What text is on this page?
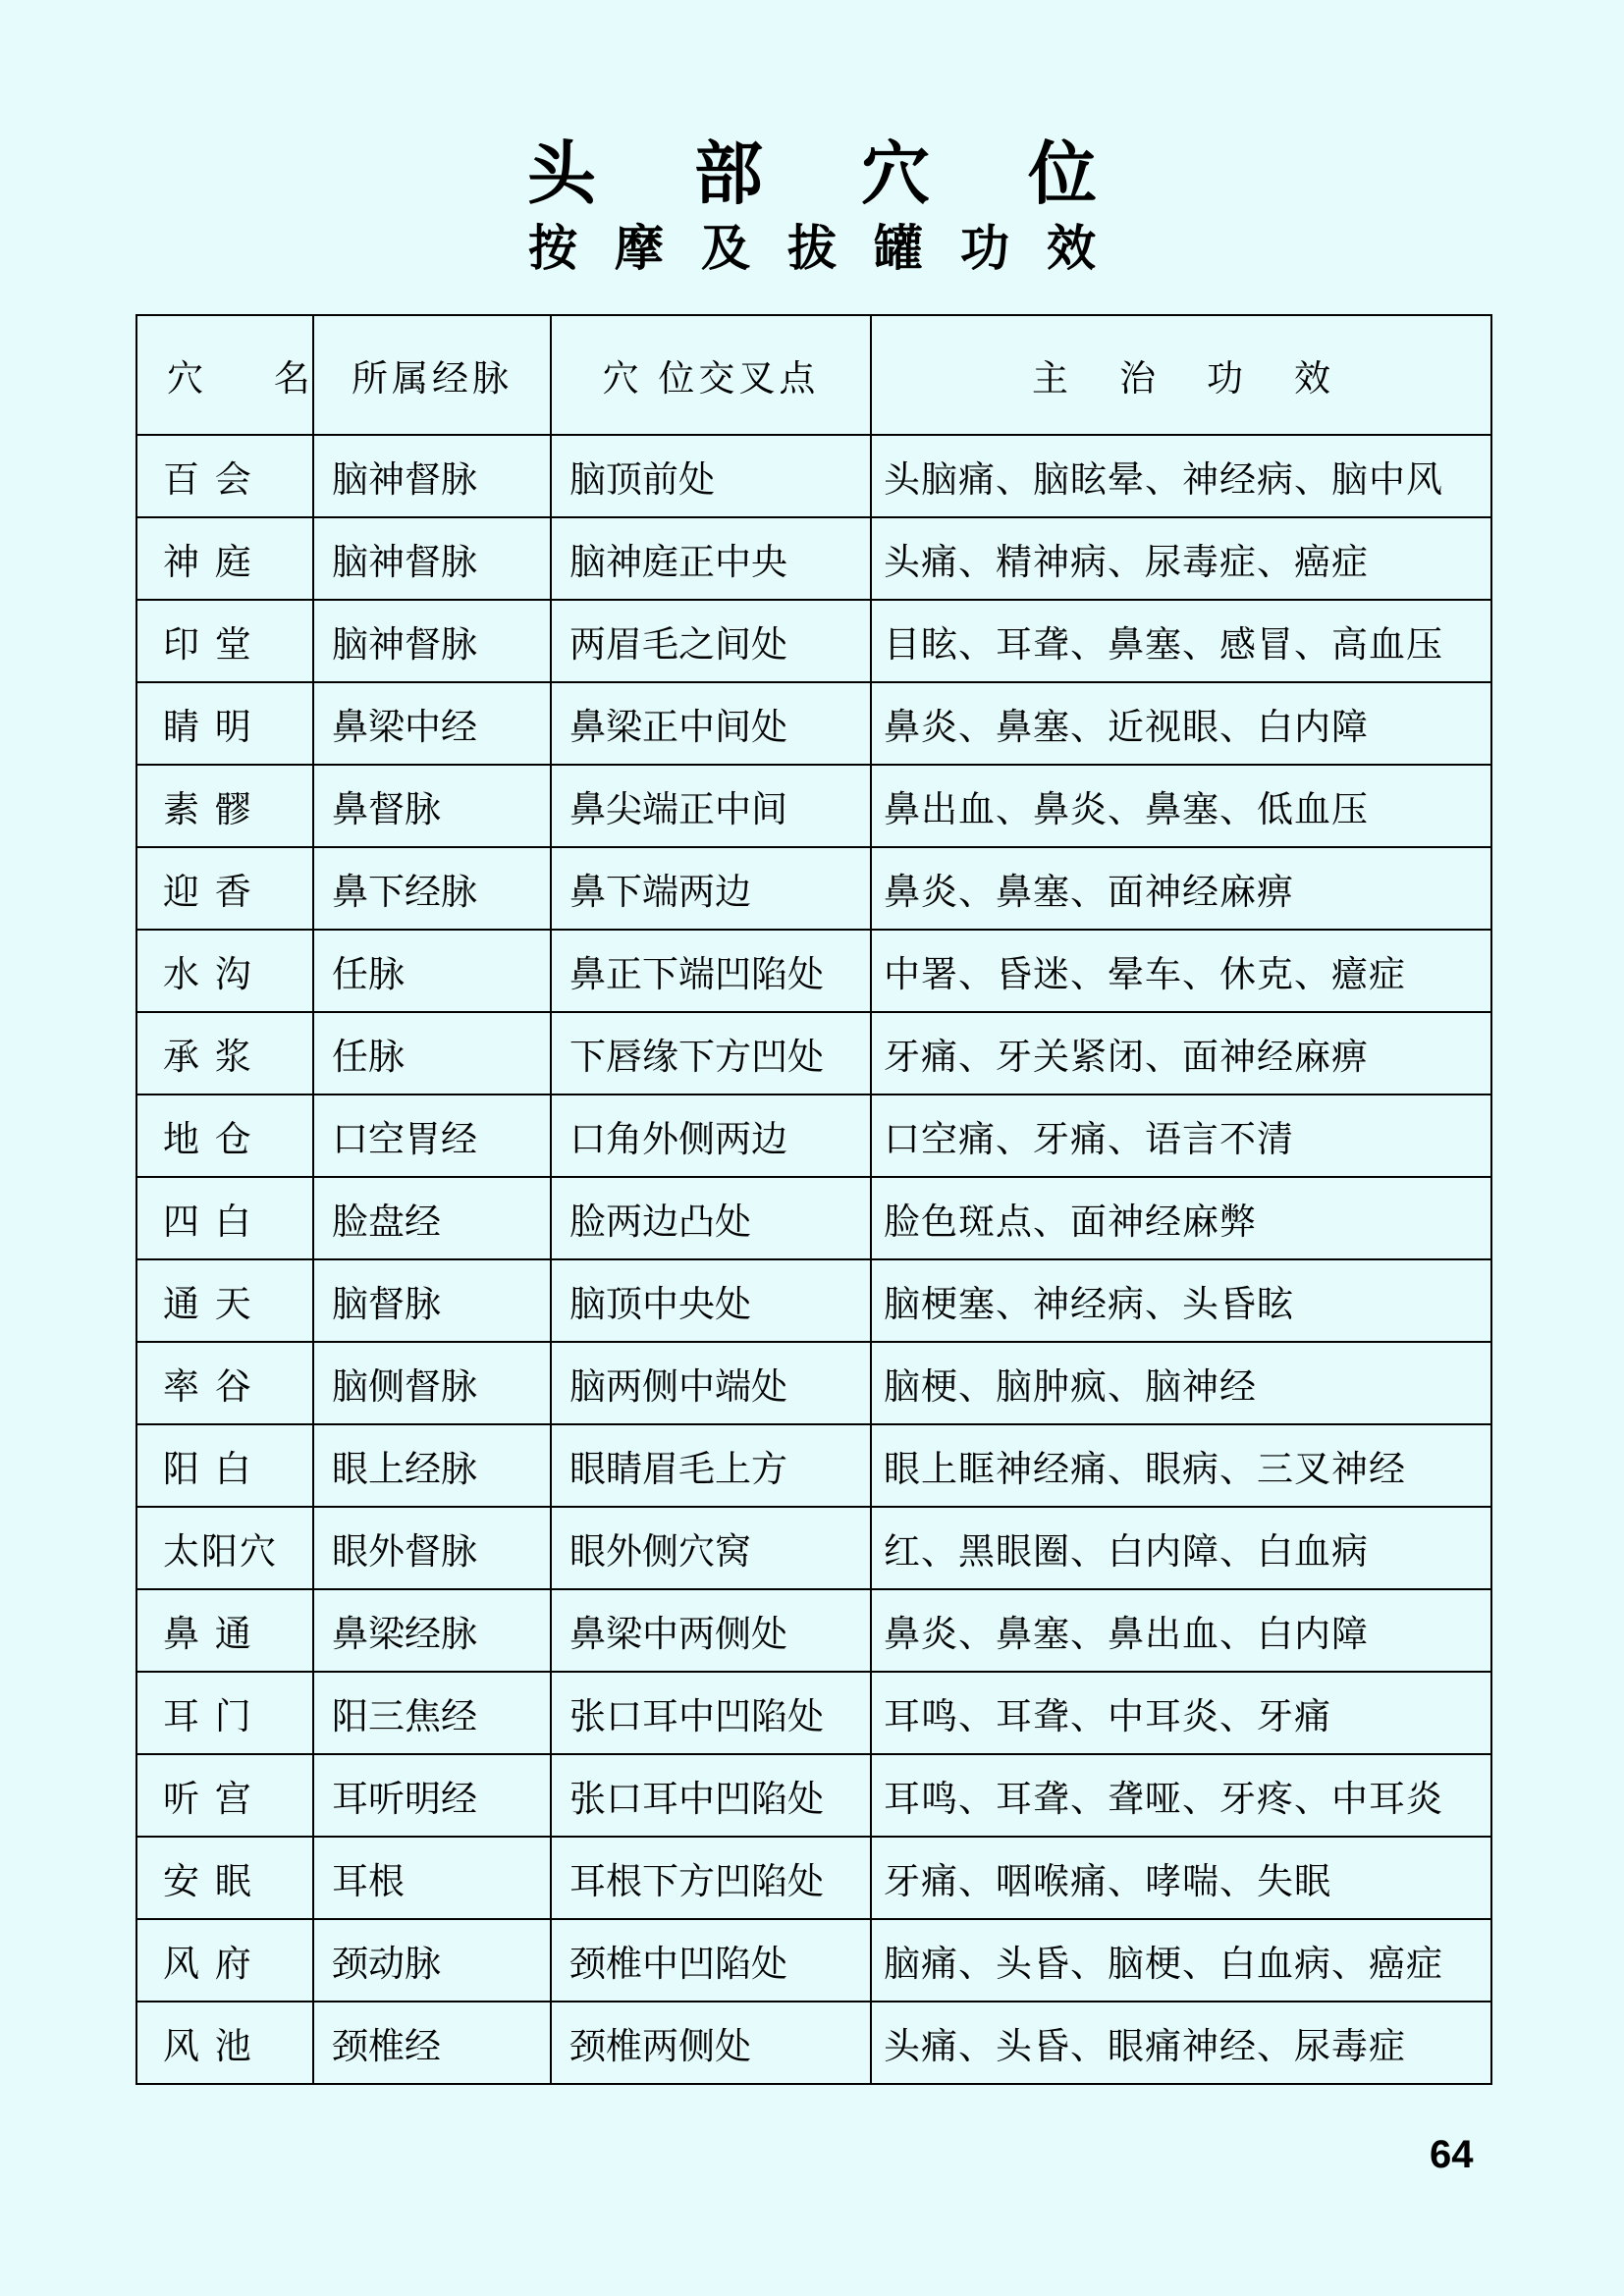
头部穴位
按摩及拔罐功效
穴 名	所属经脉	穴 位交叉点	主治功效
百 会	脑神督脉	脑顶前处	头脑痛、脑眩晕、神经病、脑中风
神 庭	脑神督脉	脑神庭正中央	头痛、精神病、尿毒症、癌症
印 堂	脑神督脉	两眉毛之间处	目眩、耳聋、鼻塞、感冒、高血压
睛 明	鼻梁中经	鼻梁正中间处	鼻炎、鼻塞、近视眼、白内障
素 髎	鼻督脉	鼻尖端正中间	鼻出血、鼻炎、鼻塞、低血压
迎 香	鼻下经脉	鼻下端两边	鼻炎、鼻塞、面神经麻痹
水 沟	任脉	鼻正下端凹陷处	中署、昏迷、晕车、休克、癔症
承 浆	任脉	下唇缘下方凹处	牙痛、牙关紧闭、面神经麻痹
地 仓	口空胃经	口角外侧两边	口空痛、牙痛、语言不清
四 白	脸盘经	脸两边凸处	脸色斑点、面神经麻弊
通 天	脑督脉	脑顶中央处	脑梗塞、神经病、头昏眩
率 谷	脑侧督脉	脑两侧中端处	脑梗、脑肿疯、脑神经
阳 白	眼上经脉	眼睛眉毛上方	眼上眶神经痛、眼病、三叉神经
太阳穴	眼外督脉	眼外侧穴窝	红、黑眼圈、白内障、白血病
鼻 通	鼻梁经脉	鼻梁中两侧处	鼻炎、鼻塞、鼻出血、白内障
耳 门	阳三焦经	张口耳中凹陷处	耳鸣、耳聋、中耳炎、牙痛
听 宫	耳听明经	张口耳中凹陷处	耳鸣、耳聋、聋哑、牙疼、中耳炎
安 眠	耳根	耳根下方凹陷处	牙痛、咽喉痛、哮喘、失眠
风 府	颈动脉	颈椎中凹陷处	脑痛、头昏、脑梗、白血病、癌症
风 池	颈椎经	颈椎两侧处	头痛、头昏、眼痛神经、尿毒症
64
